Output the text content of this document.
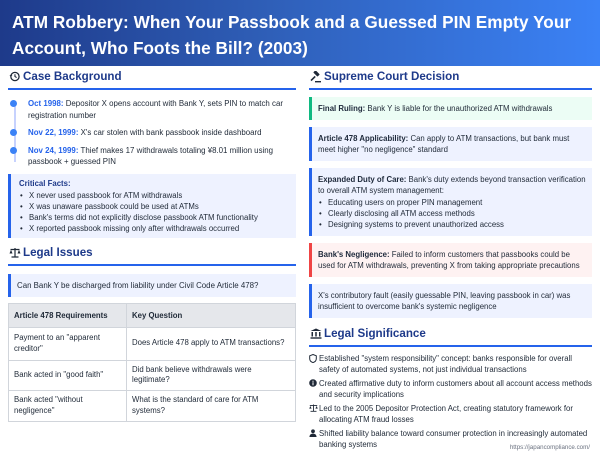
ATM Robbery: When Your Passbook and a Guessed PIN Empty Your Account, Who Foots the Bill? (2003)
Case Background
Oct 1998: Depositor X opens account with Bank Y, sets PIN to match car registration number
Nov 22, 1999: X's car stolen with bank passbook inside dashboard
Nov 24, 1999: Thief makes 17 withdrawals totaling ¥8.01 million using passbook + guessed PIN
Critical Facts:
• X never used passbook for ATM withdrawals
• X was unaware passbook could be used at ATMs
• Bank's terms did not explicitly disclose passbook ATM functionality
• X reported passbook missing only after withdrawals occurred
Legal Issues
Can Bank Y be discharged from liability under Civil Code Article 478?
Article 478 Requirements	Key Question
Payment to an "apparent creditor"	Does Article 478 apply to ATM transactions?
Bank acted in "good faith"	Did bank believe withdrawals were legitimate?
Bank acted "without negligence"	What is the standard of care for ATM systems?
Supreme Court Decision
Final Ruling: Bank Y is liable for the unauthorized ATM withdrawals
Article 478 Applicability: Can apply to ATM transactions, but bank must meet higher "no negligence" standard
Expanded Duty of Care: Bank's duty extends beyond transaction verification to overall ATM system management:
• Educating users on proper PIN management
• Clearly disclosing all ATM access methods
• Designing systems to prevent unauthorized access
Bank's Negligence: Failed to inform customers that passbooks could be used for ATM withdrawals, preventing X from taking appropriate precautions
X's contributory fault (easily guessable PIN, leaving passbook in car) was insufficient to overcome bank's systemic negligence
Legal Significance
Established "system responsibility" concept: banks responsible for overall safety of automated systems, not just individual transactions
Created affirmative duty to inform customers about all account access methods and security implications
Led to the 2005 Depositor Protection Act, creating statutory framework for allocating ATM fraud losses
Shifted liability balance toward consumer protection in increasingly automated banking systems	https://japancompliance.com/
